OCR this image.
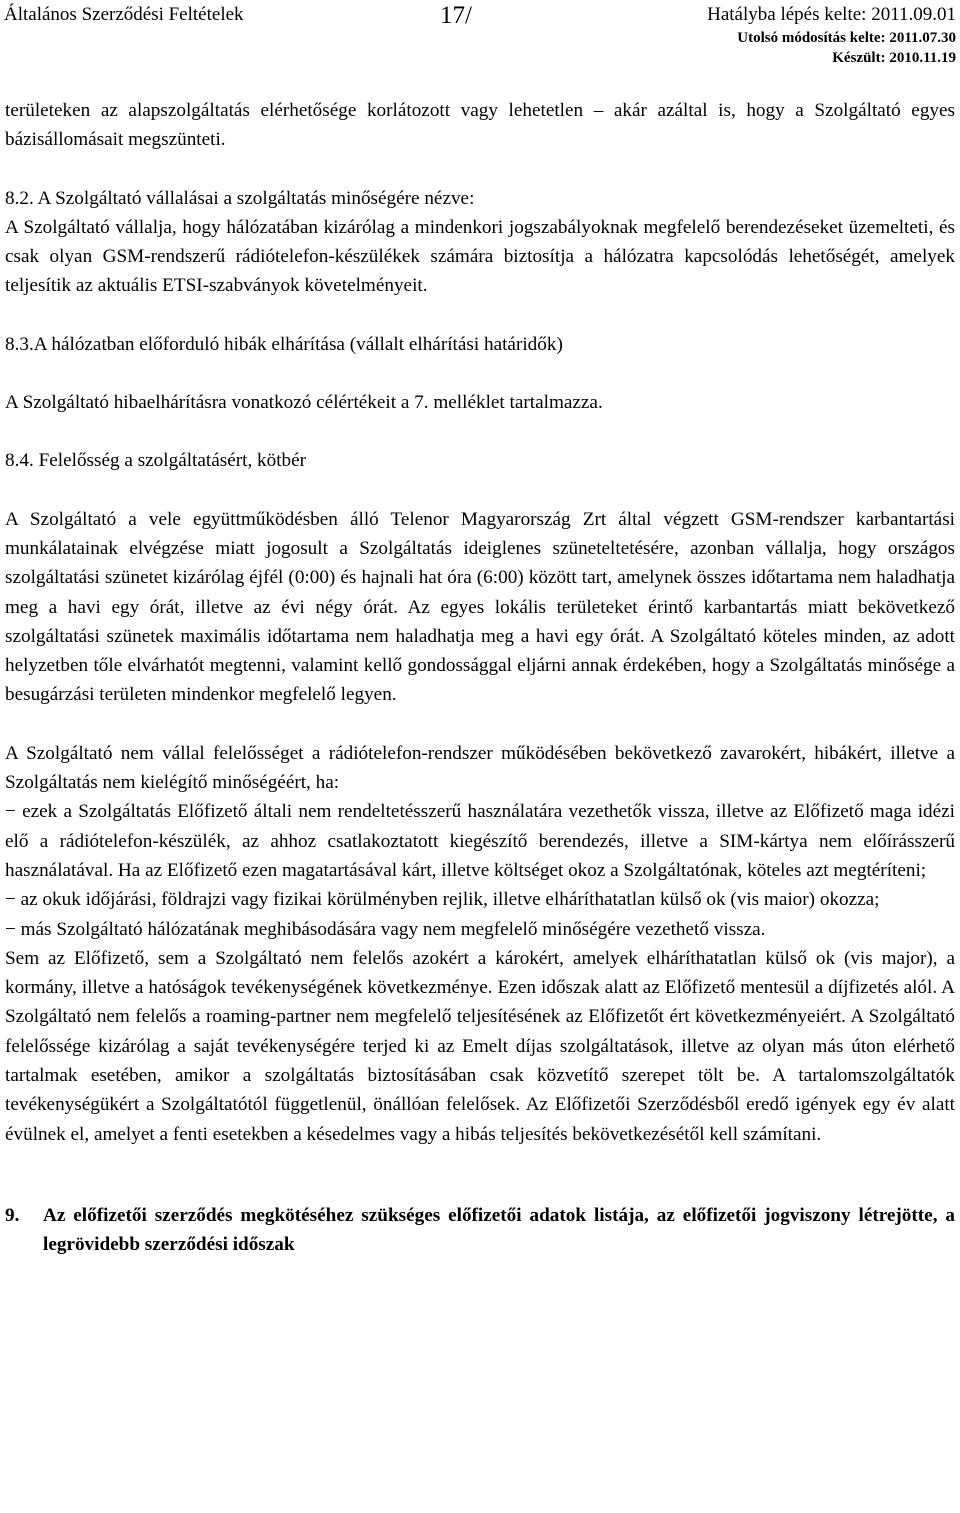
Általános Szerződési Feltételek	17/	Hatályba lépés kelte: 2011.09.01
Utolsó módosítás kelte: 2011.07.30
Készült: 2010.11.19

területeken az alapszolgáltatás elérhetősége korlátozott vagy lehetetlen – akár azáltal is, hogy a Szolgáltató egyes bázisállomásait megszünteti.

8.2. A Szolgáltató vállalásai a szolgáltatás minőségére nézve:

A Szolgáltató vállalja, hogy hálózatában kizárólag a mindenkori jogszabályoknak megfelelő berendezéseket üzemelteti, és csak olyan GSM-rendszerű rádiótelefon-készülékek számára biztosítja a hálózatra kapcsolódás lehetőségét, amelyek teljesítik az aktuális ETSI-szabványok követelményeit.

8.3.A hálózatban előforduló hibák elhárítása (vállalt elhárítási határidők)

A Szolgáltató hibaelhárításra vonatkozó célértékeit a 7. melléklet tartalmazza.

8.4. Felelősség a szolgáltatásért, kötbér

A Szolgáltató a vele együttműködésben álló Telenor Magyarország Zrt által végzett GSM-rendszer karbantartási munkálatainak elvégzése miatt jogosult a Szolgáltatás ideiglenes szüneteltetésére, azonban vállalja, hogy országos szolgáltatási szünetet kizárólag éjfél (0:00) és hajnali hat óra (6:00) között tart, amelynek összes időtartama nem haladhatja meg a havi egy órát, illetve az évi négy órát. Az egyes lokális területeket érintő karbantartás miatt bekövetkező szolgáltatási szünetek maximális időtartama nem haladhatja meg a havi egy órát. A Szolgáltató köteles minden, az adott helyzetben tőle elvárhatót megtenni, valamint kellő gondossággal eljárni annak érdekében, hogy a Szolgáltatás minősége a besugárzási területen mindenkor megfelelő legyen.

A Szolgáltató nem vállal felelősséget a rádiótelefon-rendszer működésében bekövetkező zavarokért, hibákért, illetve a Szolgáltatás nem kielégítő minőségéért, ha:

− ezek a Szolgáltatás Előfizető általi nem rendeltetésszerű használatára vezethetők vissza, illetve az Előfizető maga idézi elő a rádiótelefon-készülék, az ahhoz csatlakoztatott kiegészítő berendezés, illetve a SIM-kártya nem előírásszerű használatával. Ha az Előfizető ezen magatartásával kárt, illetve költséget okoz a Szolgáltatónak, köteles azt megtéríteni;

− az okuk időjárási, földrajzi vagy fizikai körülményben rejlik, illetve elháríthatatlan külső ok (vis maior) okozza;

− más Szolgáltató hálózatának meghibásodására vagy nem megfelelő minőségére vezethető vissza.

Sem az Előfizető, sem a Szolgáltató nem felelős azokért a károkért, amelyek elháríthatatlan külső ok (vis major), a kormány, illetve a hatóságok tevékenységének következménye. Ezen időszak alatt az Előfizető mentesül a díjfizetés alól. A Szolgáltató nem felelős a roaming-partner nem megfelelő teljesítésének az Előfizetőt ért következményeiért. A Szolgáltató felelőssége kizárólag a saját tevékenységére terjed ki az Emelt díjas szolgáltatások, illetve az olyan más úton elérhető tartalmak esetében, amikor a szolgáltatás biztosításában csak közvetítő szerepet tölt be. A tartalomszolgáltatók tevékenységükért a Szolgáltatótól függetlenül, önállóan felelősek. Az Előfizetői Szerződésből eredő igények egy év alatt évülnek el, amelyet a fenti esetekben a késedelmes vagy a hibás teljesítés bekövetkezésétől kell számítani.

9.	Az előfizetői szerződés megkötéséhez szükséges előfizetői adatok listája, az előfizetői jogviszony létrejötte, a legrövidebb szerződési időszak
